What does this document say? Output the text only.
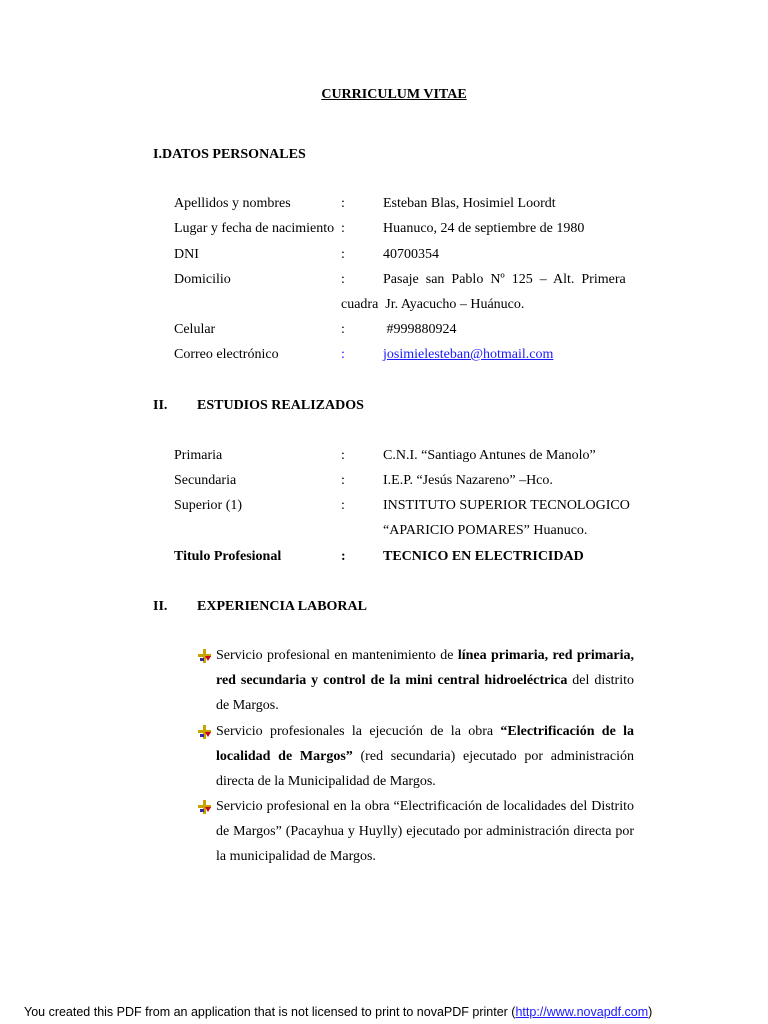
CURRICULUM VITAE
I.DATOS PERSONALES
Apellidos y nombres	:	Esteban Blas, Hosimiel Loordt
Lugar y fecha de nacimiento :	Huanuco, 24 de septiembre de 1980
DNI	:	40700354
Domicilio	:	Pasaje  san  Pablo  Nº  125  –  Alt.  Primera
cuadra  Jr. Ayacucho – Huánuco.
Celular	:	#999880924
Correo electrónico	:	josimielesteban@hotmail.com
II. ESTUDIOS REALIZADOS
Primaria	:	C.N.I. “Santiago Antunes de Manolo”
Secundaria	:	I.E.P. “Jesús Nazareno” –Hco.
Superior (1)	:	INSTITUTO SUPERIOR TECNOLOGICO
“APARICIO POMARES” Huanuco.
Titulo Profesional	:	TECNICO EN ELECTRICIDAD
II. EXPERIENCIA LABORAL
Servicio profesional en mantenimiento de línea primaria, red primaria, red secundaria y control de la mini central hidroeléctrica del distrito de Margos.
Servicio profesionales la ejecución de la obra “Electrificación de la localidad de Margos” (red secundaria) ejecutado por administración directa de la Municipalidad de Margos.
Servicio profesional en la obra “Electrificación de localidades del Distrito de Margos” (Pacayhua y Huylly) ejecutado por administración directa por la municipalidad de Margos.
You created this PDF from an application that is not licensed to print to novaPDF printer (http://www.novapdf.com)
